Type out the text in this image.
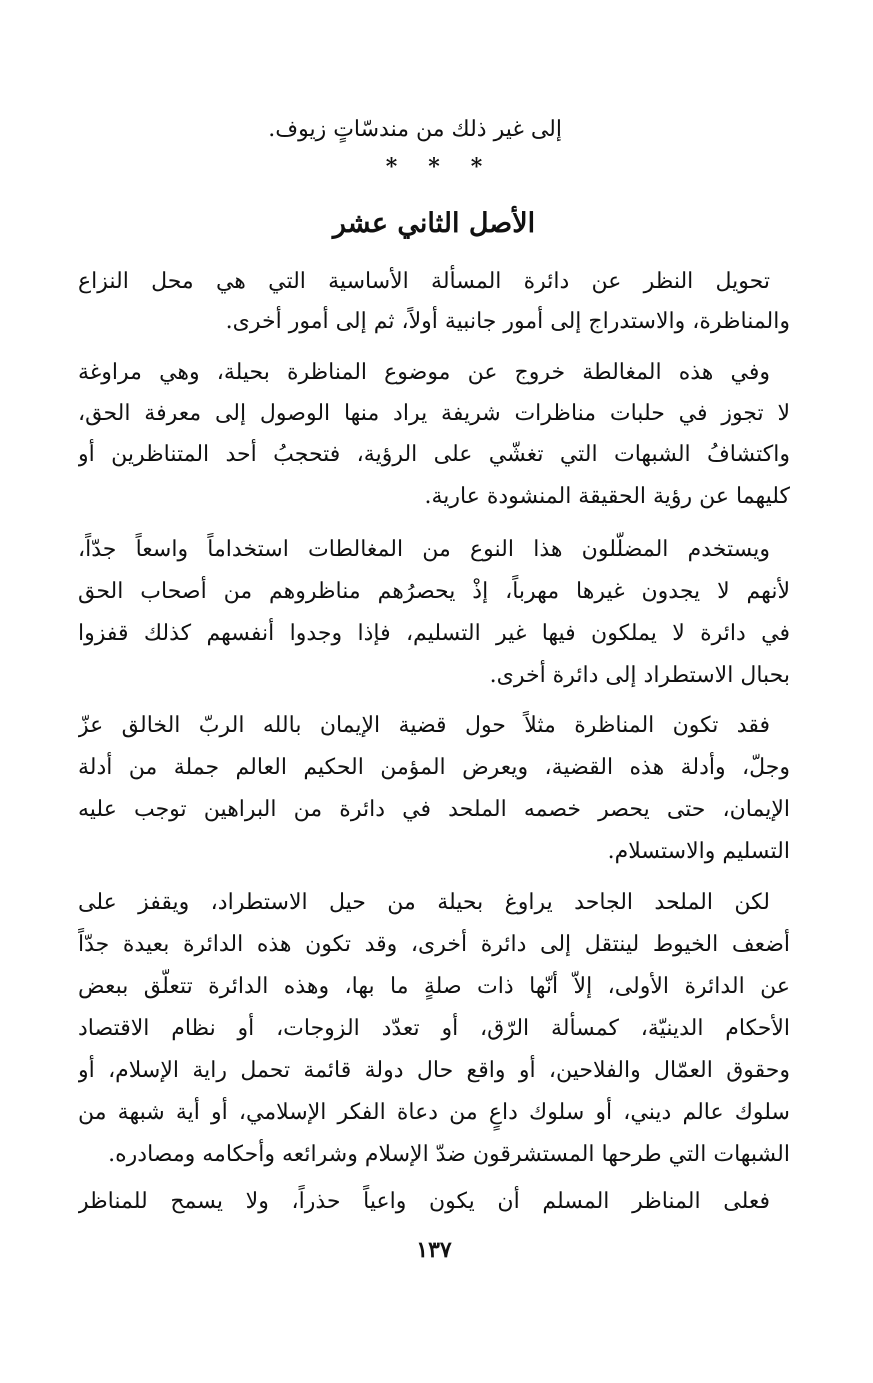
إلى غير ذلك من مندسّاتٍ زيوف.
* * *
الأصل الثاني عشر
تحويل النظر عن دائرة المسألة الأساسية التي هي محل النزاع
والمناظرة، والاستدراج إلى أمور جانبية أولاً، ثم إلى أمور أخرى.
وفي هذه المغالطة خروج عن موضوع المناظرة بحيلة، وهي مراوغة
لا تجوز في حلبات مناظرات شريفة يراد منها الوصول إلى معرفة الحق،
واكتشافُ الشبهات التي تغشّي على الرؤية، فتحجبُ أحد المتناظرين أو
كليهما عن رؤية الحقيقة المنشودة عارية.
ويستخدم المضلّلون هذا النوع من المغالطات استخداماً واسعاً جدّاً،
لأنهم لا يجدون غيرها مهرباً، إذْ يحصرُهم مناظروهم من أصحاب الحق
في دائرة لا يملكون فيها غير التسليم، فإذا وجدوا أنفسهم كذلك قفزوا
بحبال الاستطراد إلى دائرة أخرى.
فقد تكون المناظرة مثلاً حول قضية الإيمان بالله الربّ الخالق عزّ
وجلّ، وأدلة هذه القضية، ويعرض المؤمن الحكيم العالم جملة من أدلة
الإيمان، حتى يحصر خصمه الملحد في دائرة من البراهين توجب عليه
التسليم والاستسلام.
لكن الملحد الجاحد يراوغ بحيلة من حيل الاستطراد، ويقفز على
أضعف الخيوط لينتقل إلى دائرة أخرى، وقد تكون هذه الدائرة بعيدة جدّاً
عن الدائرة الأولى، إلاّ أنّها ذات صلةٍ ما بها، وهذه الدائرة تتعلّق ببعض
الأحكام الدينيّة، كمسألة الرّق، أو تعدّد الزوجات، أو نظام الاقتصاد
وحقوق العمّال والفلاحين، أو واقع حال دولة قائمة تحمل راية الإسلام، أو
سلوك عالم ديني، أو سلوك داعٍ من دعاة الفكر الإسلامي، أو أية شبهة من
الشبهات التي طرحها المستشرقون ضدّ الإسلام وشرائعه وأحكامه ومصادره.
فعلى المناظر المسلم أن يكون واعياً حذراً، ولا يسمح للمناظر
١٣٧
